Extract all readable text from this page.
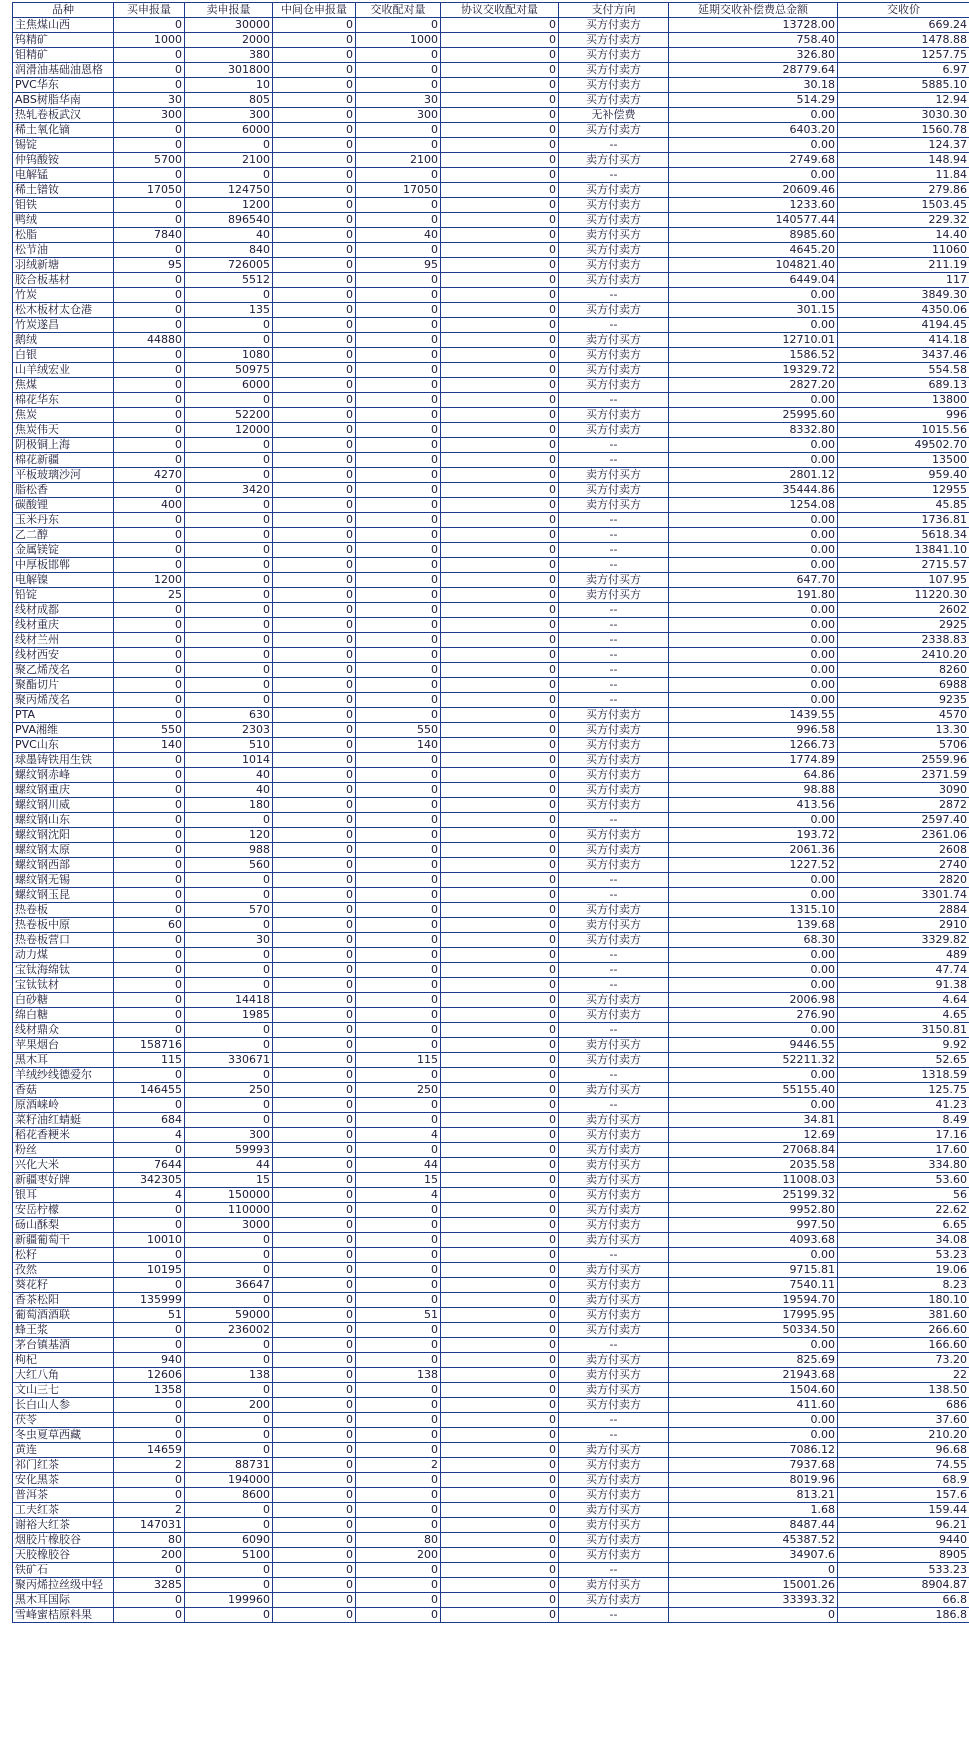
品种	买申报量	卖申报量	中间仓申报量	交收配对量	协议交收配对量	支付方向	延期交收补偿费总金额	交收价
主焦煤山西	0	30000	0	0	0	买方付卖方	13728.00	669.24
钨精矿	1000	2000	0	1000	0	买方付卖方	758.40	1478.88
钼精矿	0	380	0	0	0	买方付卖方	326.80	1257.75
润滑油基础油恩格	0	301800	0	0	0	买方付卖方	28779.64	6.97
PVC华东	0	10	0	0	0	买方付卖方	30.18	5885.10
ABS树脂华南	30	805	0	30	0	买方付卖方	514.29	12.94
热轧卷板武汉	300	300	0	300	0	无补偿费	0.00	3030.30
稀土氧化镝	0	6000	0	0	0	买方付卖方	6403.20	1560.78
锡锭	0	0	0	0	0	--	0.00	124.37
仲钨酸铵	5700	2100	0	2100	0	卖方付买方	2749.68	148.94
电解锰	0	0	0	0	0	--	0.00	11.84
稀土镨钕	17050	124750	0	17050	0	买方付卖方	20609.46	279.86
钼铁	0	1200	0	0	0	买方付卖方	1233.60	1503.45
鸭绒	0	896540	0	0	0	买方付卖方	140577.44	229.32
松脂	7840	40	0	40	0	卖方付买方	8985.60	14.40
松节油	0	840	0	0	0	买方付卖方	4645.20	11060
羽绒新塘	95	726005	0	95	0	买方付卖方	104821.40	211.19
胶合板基材	0	5512	0	0	0	买方付卖方	6449.04	117
竹炭	0	0	0	0	0	--	0.00	3849.30
松木板材太仓港	0	135	0	0	0	买方付卖方	301.15	4350.06
竹炭遂昌	0	0	0	0	0	--	0.00	4194.45
鹅绒	44880	0	0	0	0	卖方付买方	12710.01	414.18
白银	0	1080	0	0	0	买方付卖方	1586.52	3437.46
山羊绒宏业	0	50975	0	0	0	买方付卖方	19329.72	554.58
焦煤	0	6000	0	0	0	买方付卖方	2827.20	689.13
棉花华东	0	0	0	0	0	--	0.00	13800
焦炭	0	52200	0	0	0	买方付卖方	25995.60	996
焦炭伟天	0	12000	0	0	0	买方付卖方	8332.80	1015.56
阴极铜上海	0	0	0	0	0	--	0.00	49502.70
棉花新疆	0	0	0	0	0	--	0.00	13500
平板玻璃沙河	4270	0	0	0	0	卖方付买方	2801.12	959.40
脂松香	0	3420	0	0	0	买方付卖方	35444.86	12955
碳酸锂	400	0	0	0	0	卖方付买方	1254.08	45.85
玉米丹东	0	0	0	0	0	--	0.00	1736.81
乙二醇	0	0	0	0	0	--	0.00	5618.34
金属镁锭	0	0	0	0	0	--	0.00	13841.10
中厚板邯郸	0	0	0	0	0	--	0.00	2715.57
电解镍	1200	0	0	0	0	卖方付买方	647.70	107.95
铅锭	25	0	0	0	0	卖方付买方	191.80	11220.30
线材成都	0	0	0	0	0	--	0.00	2602
线材重庆	0	0	0	0	0	--	0.00	2925
线材兰州	0	0	0	0	0	--	0.00	2338.83
线材西安	0	0	0	0	0	--	0.00	2410.20
聚乙烯茂名	0	0	0	0	0	--	0.00	8260
聚酯切片	0	0	0	0	0	--	0.00	6988
聚丙烯茂名	0	0	0	0	0	--	0.00	9235
PTA	0	630	0	0	0	买方付卖方	1439.55	4570
PVA湘维	550	2303	0	550	0	买方付卖方	996.58	13.30
PVC山东	140	510	0	140	0	买方付卖方	1266.73	5706
球墨铸铁用生铁	0	1014	0	0	0	买方付卖方	1774.89	2559.96
螺纹钢赤峰	0	40	0	0	0	买方付卖方	64.86	2371.59
螺纹钢重庆	0	40	0	0	0	买方付卖方	98.88	3090
螺纹钢川威	0	180	0	0	0	买方付卖方	413.56	2872
螺纹钢山东	0	0	0	0	0	--	0.00	2597.40
螺纹钢沈阳	0	120	0	0	0	买方付卖方	193.72	2361.06
螺纹钢太原	0	988	0	0	0	买方付卖方	2061.36	2608
螺纹钢西部	0	560	0	0	0	买方付卖方	1227.52	2740
螺纹钢无锡	0	0	0	0	0	--	0.00	2820
螺纹钢玉昆	0	0	0	0	0	--	0.00	3301.74
热卷板	0	570	0	0	0	买方付卖方	1315.10	2884
热卷板中原	60	0	0	0	0	卖方付买方	139.68	2910
热卷板营口	0	30	0	0	0	买方付卖方	68.30	3329.82
动力煤	0	0	0	0	0	--	0.00	489
宝钛海绵钛	0	0	0	0	0	--	0.00	47.74
宝钛钛材	0	0	0	0	0	--	0.00	91.38
白砂糖	0	14418	0	0	0	买方付卖方	2006.98	4.64
绵白糖	0	1985	0	0	0	买方付卖方	276.90	4.65
线材鼎众	0	0	0	0	0	--	0.00	3150.81
苹果烟台	158716	0	0	0	0	卖方付买方	9446.55	9.92
黑木耳	115	330671	0	115	0	买方付卖方	52211.32	52.65
羊绒纱线德爱尔	0	0	0	0	0	--	0.00	1318.59
香菇	146455	250	0	250	0	卖方付买方	55155.40	125.75
原酒崃岭	0	0	0	0	0	--	0.00	41.23
菜籽油红蜻蜓	684	0	0	0	0	卖方付买方	34.81	8.49
稻花香粳米	4	300	0	4	0	买方付卖方	12.69	17.16
粉丝	0	59993	0	0	0	买方付卖方	27068.84	17.60
兴化大米	7644	44	0	44	0	卖方付买方	2035.58	334.80
新疆枣好牌	342305	15	0	15	0	卖方付买方	11008.03	53.60
银耳	4	150000	0	4	0	买方付卖方	25199.32	56
安岳柠檬	0	110000	0	0	0	买方付卖方	9952.80	22.62
砀山酥梨	0	3000	0	0	0	买方付卖方	997.50	6.65
新疆葡萄干	10010	0	0	0	0	卖方付买方	4093.68	34.08
松籽	0	0	0	0	0	--	0.00	53.23
孜然	10195	0	0	0	0	卖方付买方	9715.81	19.06
葵花籽	0	36647	0	0	0	买方付卖方	7540.11	8.23
香茶松阳	135999	0	0	0	0	卖方付买方	19594.70	180.10
葡萄酒酒联	51	59000	0	51	0	买方付卖方	17995.95	381.60
蜂王浆	0	236002	0	0	0	买方付卖方	50334.50	266.60
茅台镇基酒	0	0	0	0	0	--	0.00	166.60
枸杞	940	0	0	0	0	卖方付买方	825.69	73.20
大红八角	12606	138	0	138	0	卖方付买方	21943.68	22
文山三七	1358	0	0	0	0	卖方付买方	1504.60	138.50
长白山人参	0	200	0	0	0	买方付卖方	411.60	686
茯苓	0	0	0	0	0	--	0.00	37.60
冬虫夏草西藏	0	0	0	0	0	--	0.00	210.20
黄连	14659	0	0	0	0	卖方付买方	7086.12	96.68
祁门红茶	2	88731	0	2	0	买方付卖方	7937.68	74.55
安化黑茶	0	194000	0	0	0	买方付卖方	8019.96	68.9
普洱茶	0	8600	0	0	0	买方付卖方	813.21	157.6
工夫红茶	2	0	0	0	0	卖方付买方	1.68	159.44
谢裕大红茶	147031	0	0	0	0	卖方付买方	8487.44	96.21
烟胶片橡胶谷	80	6090	0	80	0	买方付卖方	45387.52	9440
天胶橡胶谷	200	5100	0	200	0	买方付卖方	34907.6	8905
铁矿石	0	0	0	0	0	--	0	533.23
聚丙烯拉丝级中轻	3285	0	0	0	0	卖方付买方	15001.26	8904.87
黑木耳国际	0	199960	0	0	0	买方付卖方	33393.32	66.8
雪峰蜜桔原料果	0	0	0	0	0	--	0	186.8
